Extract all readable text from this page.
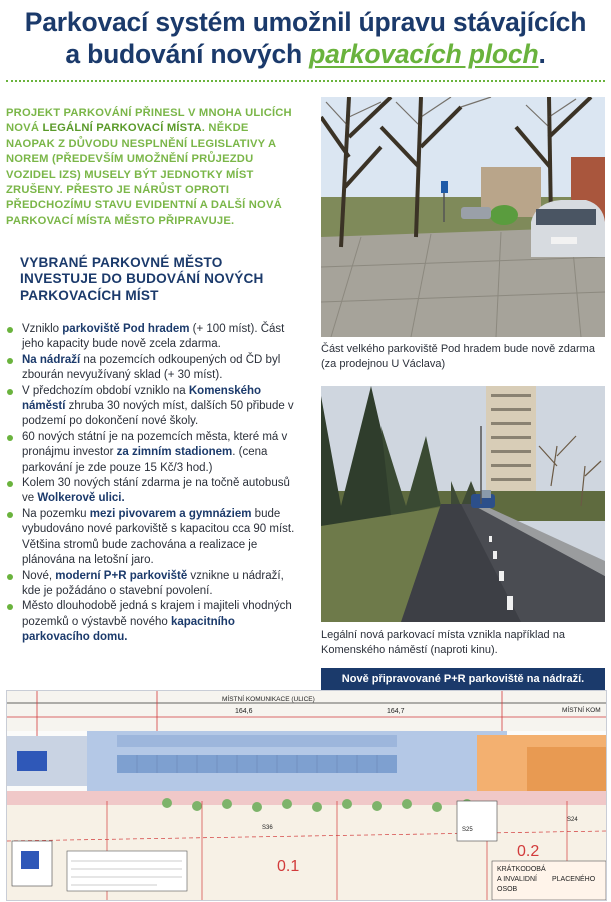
Parkovací systém umožnil úpravu stávajících
a budování nových parkovacích ploch.
PROJEKT PARKOVÁNÍ PŘINESL V MNOHA ULICÍCH NOVÁ LEGÁLNÍ PARKOVACÍ MÍSTA. NĚKDE NAOPAK Z DŮVODU NESPLNĚNÍ LEGISLATIVY A NOREM (PŘEDEVŠÍM UMOŽNĚNÍ PRŮJEZDU VOZIDEL IZS) MUSELY BÝT JEDNOTKY MÍST ZRUŠENY. PŘESTO JE NÁRŮST OPROTI PŘEDCHOZÍMU STAVU EVIDENTNÍ A DALŠÍ NOVÁ PARKOVACÍ MÍSTA MĚSTO PŘIPRAVUJE.
VYBRANÉ PARKOVNÉ MĚSTO INVESTUJE DO BUDOVÁNÍ NOVÝCH PARKOVACÍCH MÍST
Vzniklo parkoviště Pod hradem (+ 100 míst). Část jeho kapacity bude nově zcela zdarma.
Na nádraží na pozemcích odkoupených od ČD byl zbourán nevyužívaný sklad (+ 30 míst).
V předchozím období vzniklo na Komenského náměstí zhruba 30 nových míst, dalších 50 přibude v podzemí po dokončení nové školy.
60 nových státní je na pozemcích města, které má v pronájmu investor za zimním stadionem. (cena parkování je zde pouze 15 Kč/3 hod.)
Kolem 30 nových stání zdarma je na točně autobusů ve Wolkerově ulici.
Na pozemku mezi pivovarem a gymnáziem bude vybudováno nové parkoviště s kapacitou cca 90 míst. Většina stromů bude zachována a realizace je plánována na letošní jaro.
Nové, moderní P+R parkoviště vznikne u nádraží, kde je požádáno o stavební povolení.
Město dlouhodobě jedná s krajem i majiteli vhodných pozemků o výstavbě nového kapacitního parkovacího domu.
Část velkého parkoviště Pod hradem bude nově zdarma (za prodejnou U Václava)
Legální nová parkovací místa vznikla například na Komenského náměstí (naproti kinu).
Nově připravované P+R parkoviště na nádraží.
MÍSTNÍ KOMUNIKACE (ULICE)
MÍSTNÍ KOM
164,6	164,7
0.1
0.2
S36
S24
S25
KRÁTKODOBÁ
A INVALIDNÍ
OSOB
PLACENÉHO
